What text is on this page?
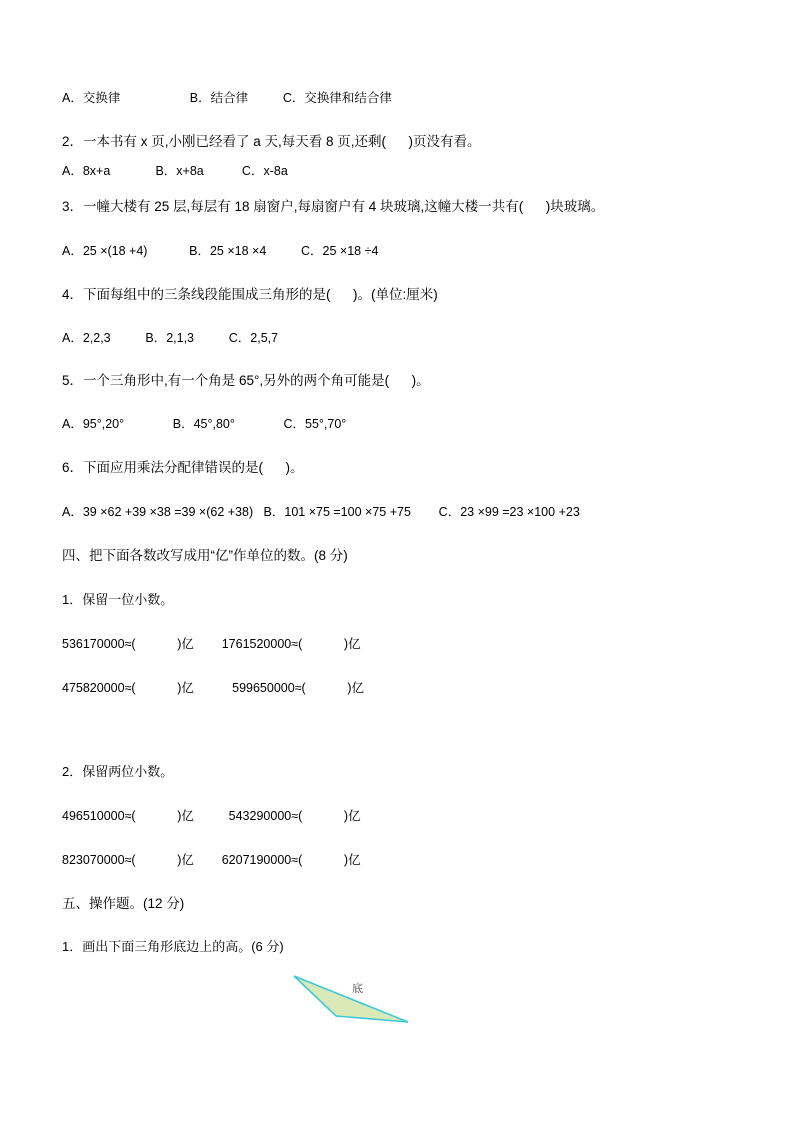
A．交换律                    B．结合律          C．交换律和结合律
2．一本书有 x 页,小刚已经看了 a 天,每天看 8 页,还剩(      )页没有看。
A．8x+a             B．x+8a           C．x-8a
3．一幢大楼有 25 层,每层有 18 扇窗户,每扇窗户有 4 块玻璃,这幢大楼一共有(      )块玻璃。
A．25 ×(18 +4)            B．25 ×18 ×4          C．25 ×18 ÷4
4．下面每组中的三条线段能围成三角形的是(      )。(单位:厘米)
A．2,2,3          B．2,1,3          C．2,5,7
5．一个三角形中,有一个角是 65°,另外的两个角可能是(      )。
A．95°,20°              B．45°,80°              C．55°,70°
6．下面应用乘法分配律错误的是(      )。
A．39 ×62 +39 ×38 =39 ×(62 +38)   B．101 ×75 =100 ×75 +75        C．23 ×99 =23 ×100 +23
四、把下面各数改写成用“亿”作单位的数。(8 分)
1．保留一位小数。
536170000≈(            )亿        1761520000≈(            )亿
475820000≈(            )亿           599650000≈(            )亿
2．保留两位小数。
496510000≈(            )亿          543290000≈(            )亿
823070000≈(            )亿        6207190000≈(            )亿
五、操作题。(12 分)
1．画出下面三角形底边上的高。(6 分)
底
